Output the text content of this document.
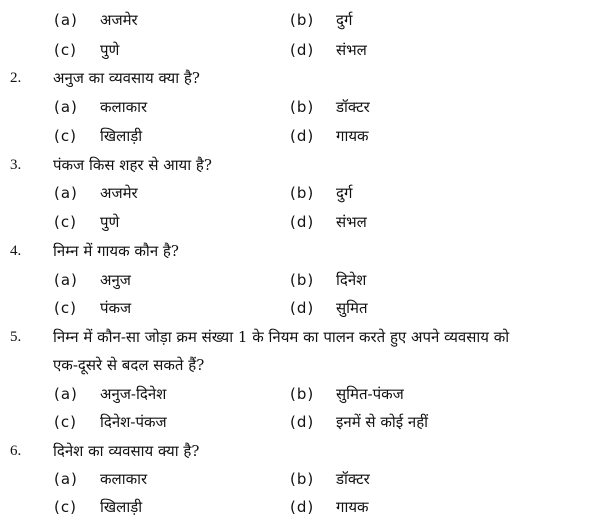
(a) अजमेर	(b) दुर्ग
(c) पुणे	(d) संभल
2.	अनुज का व्यवसाय क्या है?
(a) कलाकार	(b) डॉक्टर
(c) खिलाड़ी	(d) गायक
3.	पंकज किस शहर से आया है?
(a) अजमेर	(b) दुर्ग
(c) पुणे	(d) संभल
4.	निम्न में गायक कौन है?
(a) अनुज	(b) दिनेश
(c) पंकज	(d) सुमित
5.	निम्न में कौन-सा जोड़ा क्रम संख्या 1 के नियम का पालन करते हुए अपने व्यवसाय को
एक-दूसरे से बदल सकते हैं?
(a) अनुज-दिनेश	(b) सुमित-पंकज
(c) दिनेश-पंकज	(d) इनमें से कोई नहीं
6.	दिनेश का व्यवसाय क्या है?
(a) कलाकार	(b) डॉक्टर
(c) खिलाड़ी	(d) गायक
